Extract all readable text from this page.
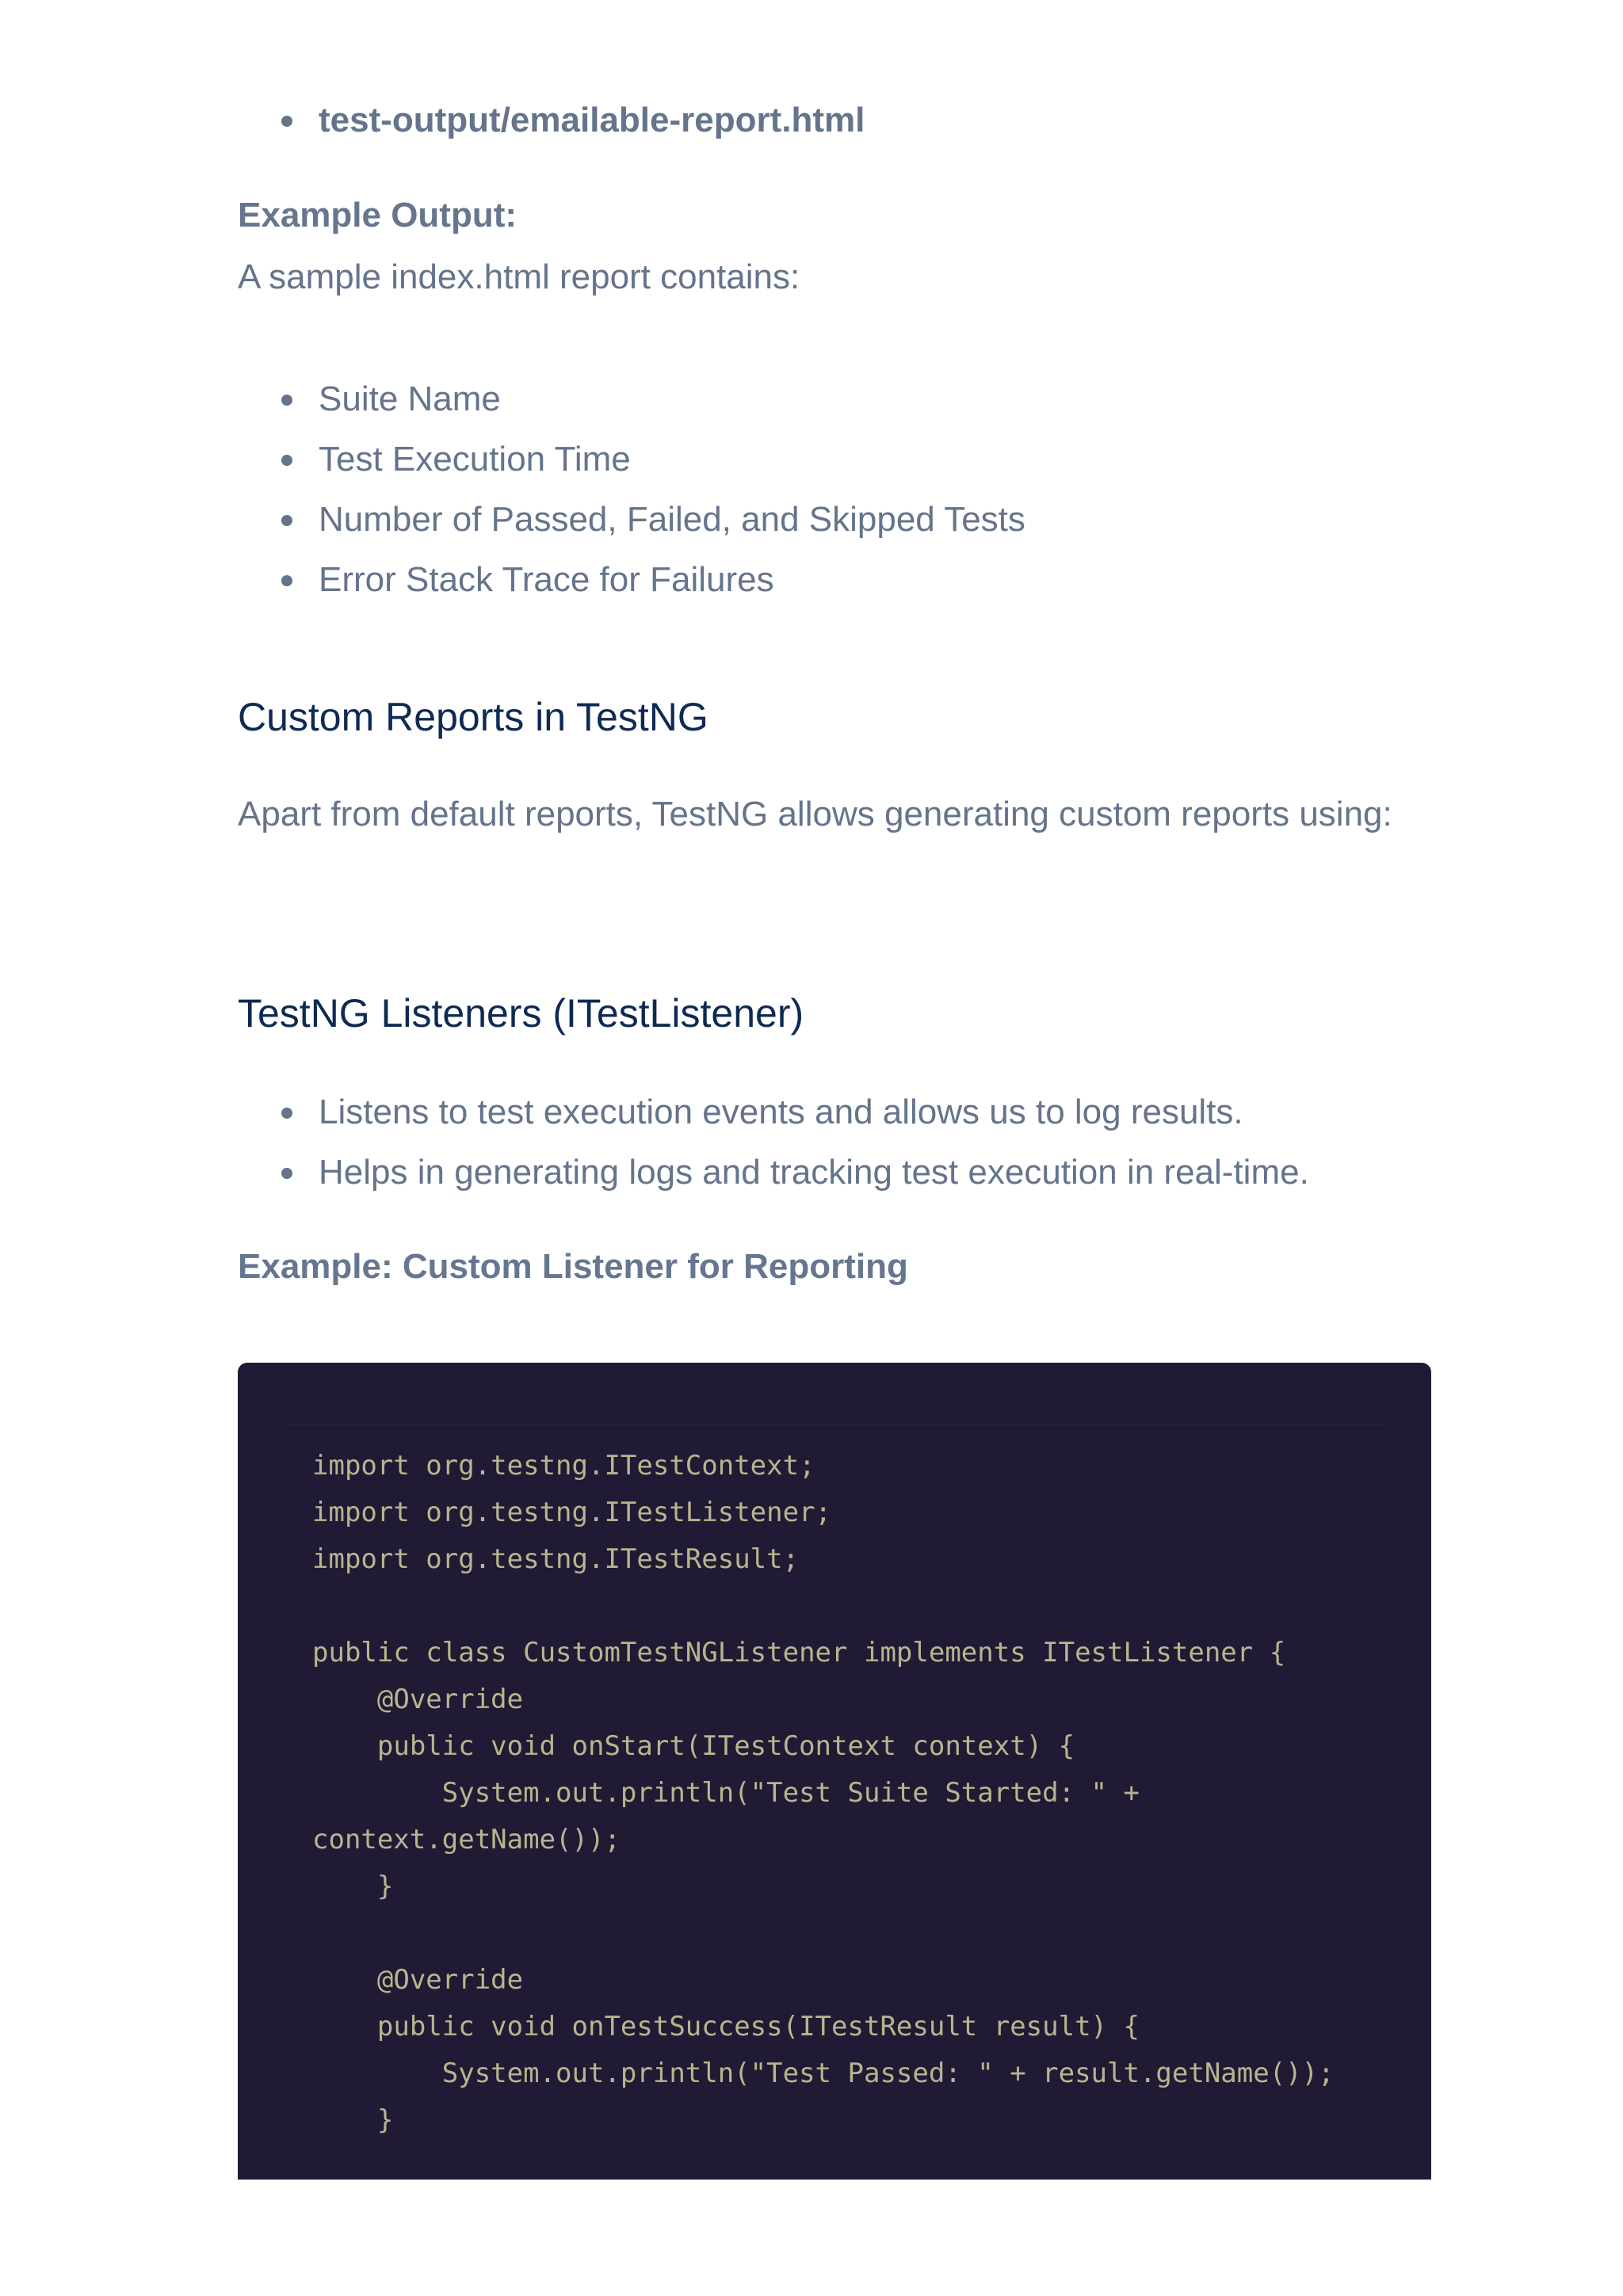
test-output/emailable-report.html
Example Output:
A sample index.html report contains:
Suite Name
Test Execution Time
Number of Passed, Failed, and Skipped Tests
Error Stack Trace for Failures
Custom Reports in TestNG
Apart from default reports, TestNG allows generating custom reports using:
TestNG Listeners (ITestListener)
Listens to test execution events and allows us to log results.
Helps in generating logs and tracking test execution in real-time.
Example: Custom Listener for Reporting
import org.testng.ITestContext;
import org.testng.ITestListener;
import org.testng.ITestResult;

public class CustomTestNGListener implements ITestListener {
@Override
public void onStart(ITestContext context) {
System.out.println("Test Suite Started: " +
context.getName());
}

@Override
public void onTestSuccess(ITestResult result) {
System.out.println("Test Passed: " + result.getName());
}
